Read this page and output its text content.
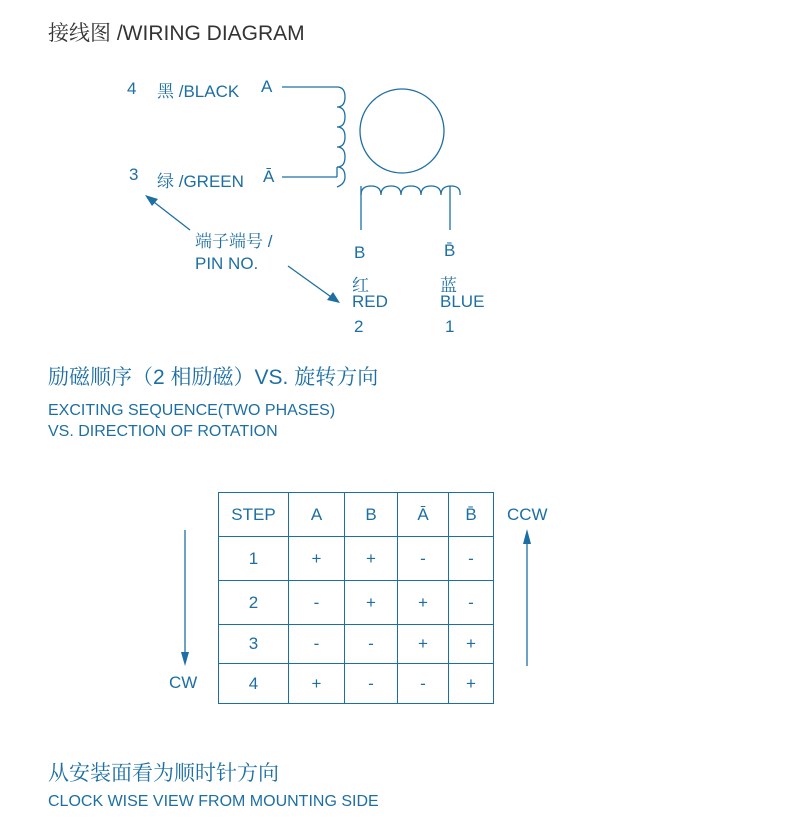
接线图 /WIRING DIAGRAM
4 黑 /BLACK A
3 绿 /GREEN Ā
端子端号 /
PIN NO.
B
红
RED
2
B̄
蓝
BLUE
1
励磁顺序（2 相励磁）VS. 旋转方向
EXCITING SEQUENCE(TWO PHASES)
VS. DIRECTION OF ROTATION
STEP	A	B	Ā	B̄
1	+	+	-	-
2	-	+	+	-
3	-	-	+	+
4	+	-	-	+
CW
CCW
从安装面看为顺时针方向
CLOCK WISE VIEW FROM MOUNTING SIDE
